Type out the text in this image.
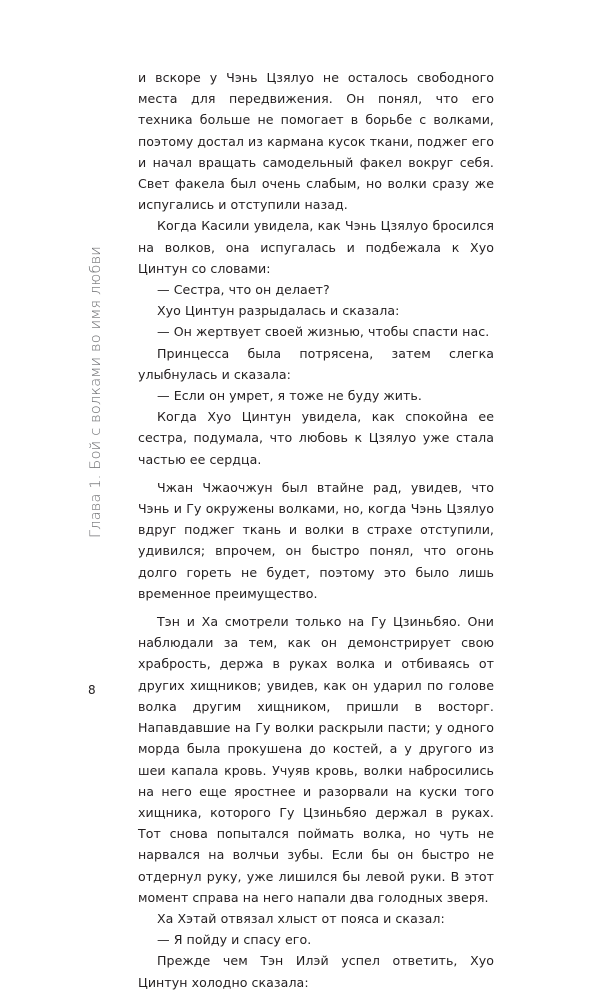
Глава 1. Бой с волками во имя любви

и вскоре у Чэнь Цзялуо не осталось свободного места для передвижения. Он понял, что его техника больше не помогает в борьбе с волками, поэтому достал из кармана кусок ткани, поджег его и начал вращать самодельный факел вокруг себя. Свет факела был очень слабым, но волки сразу же испугались и отступили назад.

Когда Касили увидела, как Чэнь Цзялуо бросился на волков, она испугалась и подбежала к Хуо Цинтун со словами:

— Сестра, что он делает?

Хуо Цинтун разрыдалась и сказала:

— Он жертвует своей жизнью, чтобы спасти нас.

Принцесса была потрясена, затем слегка улыбнулась и сказала:

— Если он умрет, я тоже не буду жить.

Когда Хуо Цинтун увидела, как спокойна ее сестра, подумала, что любовь к Цзялуо уже стала частью ее сердца.

Чжан Чжаочжун был втайне рад, увидев, что Чэнь и Гу окружены волками, но, когда Чэнь Цзялуо вдруг поджег ткань и волки в страхе отступили, удивился; впрочем, он быстро понял, что огонь долго гореть не будет, поэтому это было лишь временное преимущество.

Тэн и Ха смотрели только на Гу Цзиньбяо. Они наблюдали за тем, как он демонстрирует свою храбрость, держа в руках волка и отбиваясь от других хищников; увидев, как он ударил по голове волка другим хищником, пришли в восторг. Напавдавшие на Гу волки раскрыли пасти; у одного морда была прокушена до костей, а у другого из шеи капала кровь. Учуяв кровь, волки набросились на него еще яростнее и разорвали на куски того хищника, которого Гу Цзиньбяо держал в руках. Тот снова попытался поймать волка, но чуть не нарвался на волчьи зубы. Если бы он быстро не отдернул руку, уже лишился бы левой руки. В этот момент справа на него напали два голодных зверя.

Ха Хэтай отвязал хлыст от пояса и сказал:

— Я пойду и спасу его.

Прежде чем Тэн Илэй успел ответить, Хуо Цинтун холодно сказала:

8
